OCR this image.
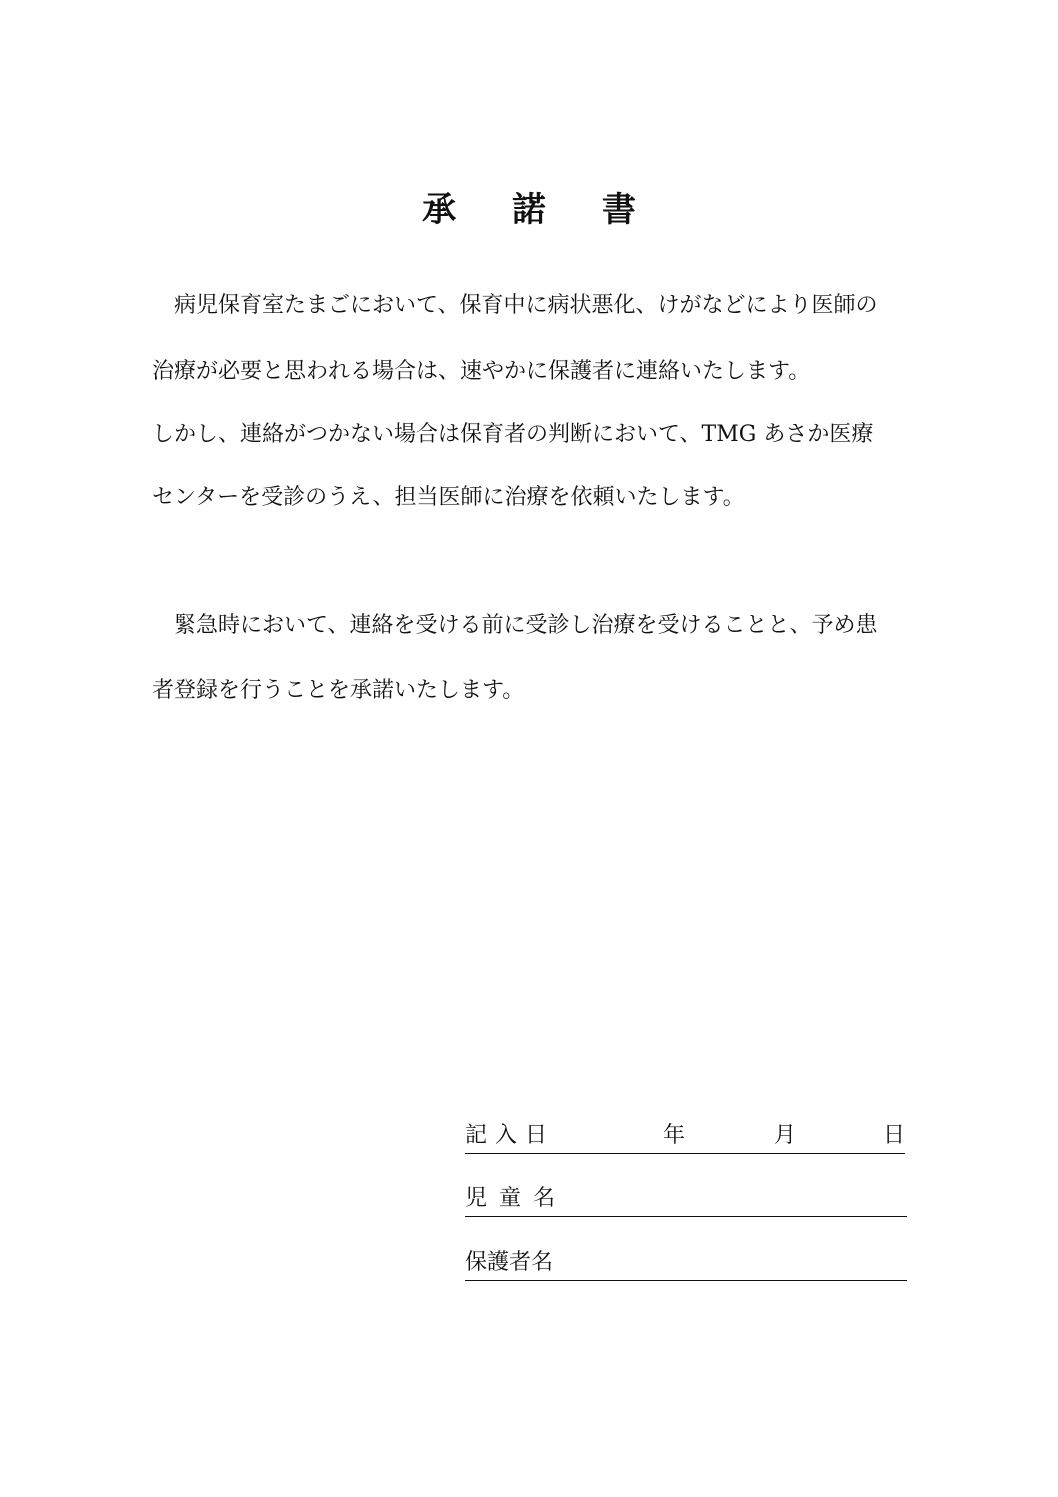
承 諾 書
　病児保育室たまごにおいて、保育中に病状悪化、けがなどにより医師の
治療が必要と思われる場合は、速やかに保護者に連絡いたします。
しかし、連絡がつかない場合は保育者の判断において、TMG あさか医療
センターを受診のうえ、担当医師に治療を依頼いたします。
　緊急時において、連絡を受ける前に受診し治療を受けることと、予め患
者登録を行うことを承諾いたします。
記入日	年	月	日
児童名
保護者名
